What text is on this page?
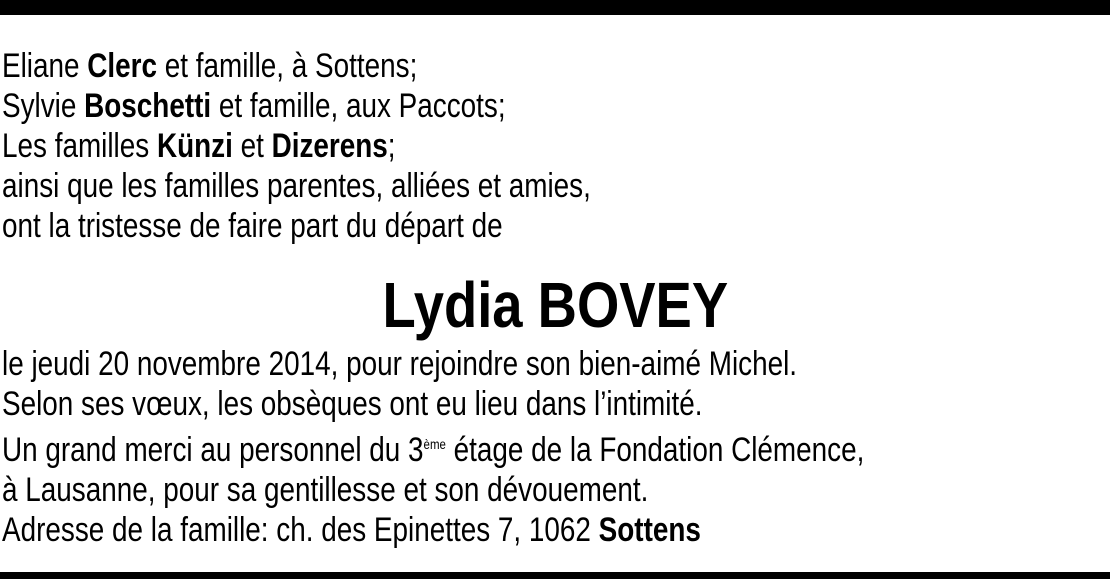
Eliane Clerc et famille, à Sottens;
Sylvie Boschetti et famille, aux Paccots;
Les familles Künzi et Dizerens;
ainsi que les familles parentes, alliées et amies,
ont la tristesse de faire part du départ de
Lydia BOVEY
le jeudi 20 novembre 2014, pour rejoindre son bien-aimé Michel.
Selon ses vœux, les obsèques ont eu lieu dans l’intimité.
Un grand merci au personnel du 3ème étage de la Fondation Clémence,
à Lausanne, pour sa gentillesse et son dévouement.
Adresse de la famille: ch. des Epinettes 7, 1062 Sottens
